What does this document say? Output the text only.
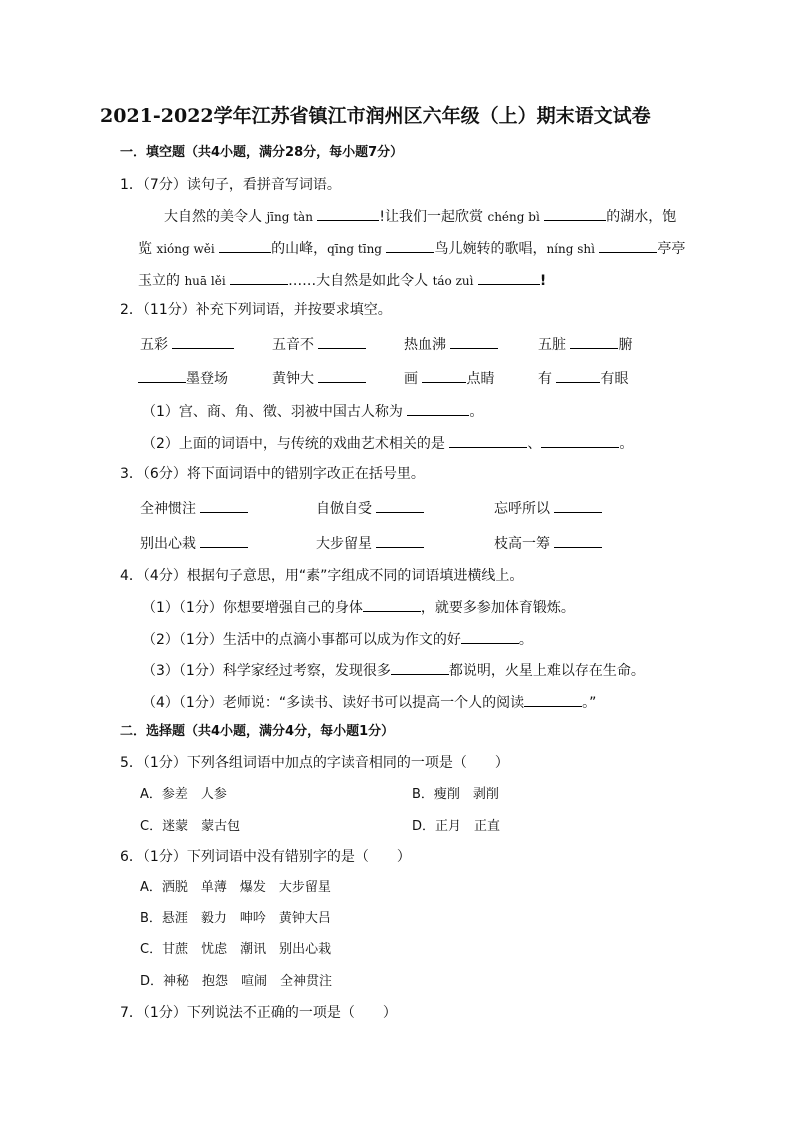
2021-2022学年江苏省镇江市润州区六年级（上）期末语文试卷
一．填空题（共4小题，满分28分，每小题7分）
1．（7分）读句子，看拼音写词语。
大自然的美令人 jīng tàn	!让我们一起欣赏 chéng bì	的湖水，饱
览 xióng wěi	的山峰，qīng tīng	鸟儿婉转的歌唱，níng shì	亭亭
玉立的 huā lěi	……大自然是如此令人 táo zuì	!
2．（11分）补充下列词语，并按要求填空。
五彩	五音不	热血沸	五脏	腑
墨登场	黄钟大	画	点睛	有	有眼
（1）宫、商、角、徵、羽被中国古人称为	。
（2）上面的词语中，与传统的戏曲艺术相关的是	、	。
3．（6分）将下面词语中的错别字改正在括号里。
全神惯注	自倣自受	忘呼所以
别出心栽	大步留星	枝高一筹
4．（4分）根据句子意思，用“素”字组成不同的词语填进横线上。
（1）（1分）你想要增强自己的身体	，就要多参加体育锻炼。
（2）（1分）生活中的点滴小事都可以成为作文的好	。
（3）（1分）科学家经过考察，发现很多	都说明，火星上难以存在生命。
（4）（1分）老师说：“多读书、读好书可以提高一个人的阅读	。”
二．选择题（共4小题，满分4分，每小题1分）
5．（1分）下列各组词语中加点的字读音相同的一项是（　　）
A．参差　人参	B．瘦削　剥削
C．迷蒙　蒙古包	D．正月　正直
6．（1分）下列词语中没有错别字的是（　　）
A．洒脱　单薄　爆发　大步留星
B．悬涯　毅力　呻吟　黄钟大吕
C．甘蔗　忧虑　潮讯　别出心栽
D．神秘　抱怨　喧闹　全神贯注
7．（1分）下列说法不正确的一项是（　　）
